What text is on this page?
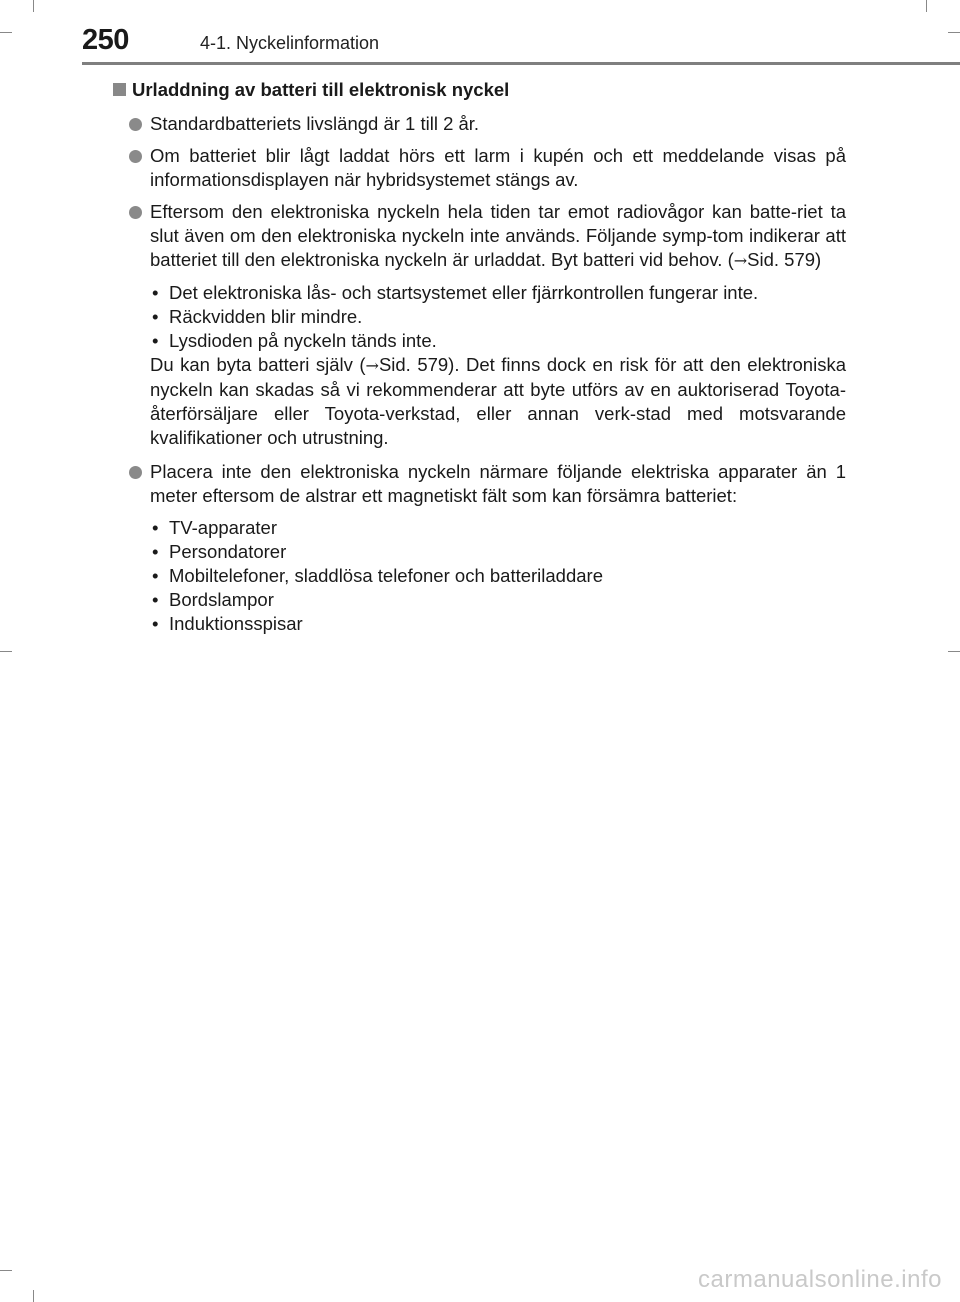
250	4-1. Nyckelinformation
Urladdning av batteri till elektronisk nyckel
Standardbatteriets livslängd är 1 till 2 år.
Om batteriet blir lågt laddat hörs ett larm i kupén och ett meddelande visas på informationsdisplayen när hybridsystemet stängs av.
Eftersom den elektroniska nyckeln hela tiden tar emot radiovågor kan batte-riet ta slut även om den elektroniska nyckeln inte används. Följande symp-tom indikerar att batteriet till den elektroniska nyckeln är urladdat. Byt batteri vid behov. (→Sid. 579)
• Det elektroniska lås- och startsystemet eller fjärrkontrollen fungerar inte.
• Räckvidden blir mindre.
• Lysdioden på nyckeln tänds inte.
Du kan byta batteri själv (→Sid. 579). Det finns dock en risk för att den elektroniska nyckeln kan skadas så vi rekommenderar att byte utförs av en auktoriserad Toyota-återförsäljare eller Toyota-verkstad, eller annan verk-stad med motsvarande kvalifikationer och utrustning.
Placera inte den elektroniska nyckeln närmare följande elektriska apparater än 1 meter eftersom de alstrar ett magnetiskt fält som kan försämra batteriet:
• TV-apparater
• Persondatorer
• Mobiltelefoner, sladdlösa telefoner och batteriladdare
• Bordslampor
• Induktionsspisar
carmanualsonline.info
